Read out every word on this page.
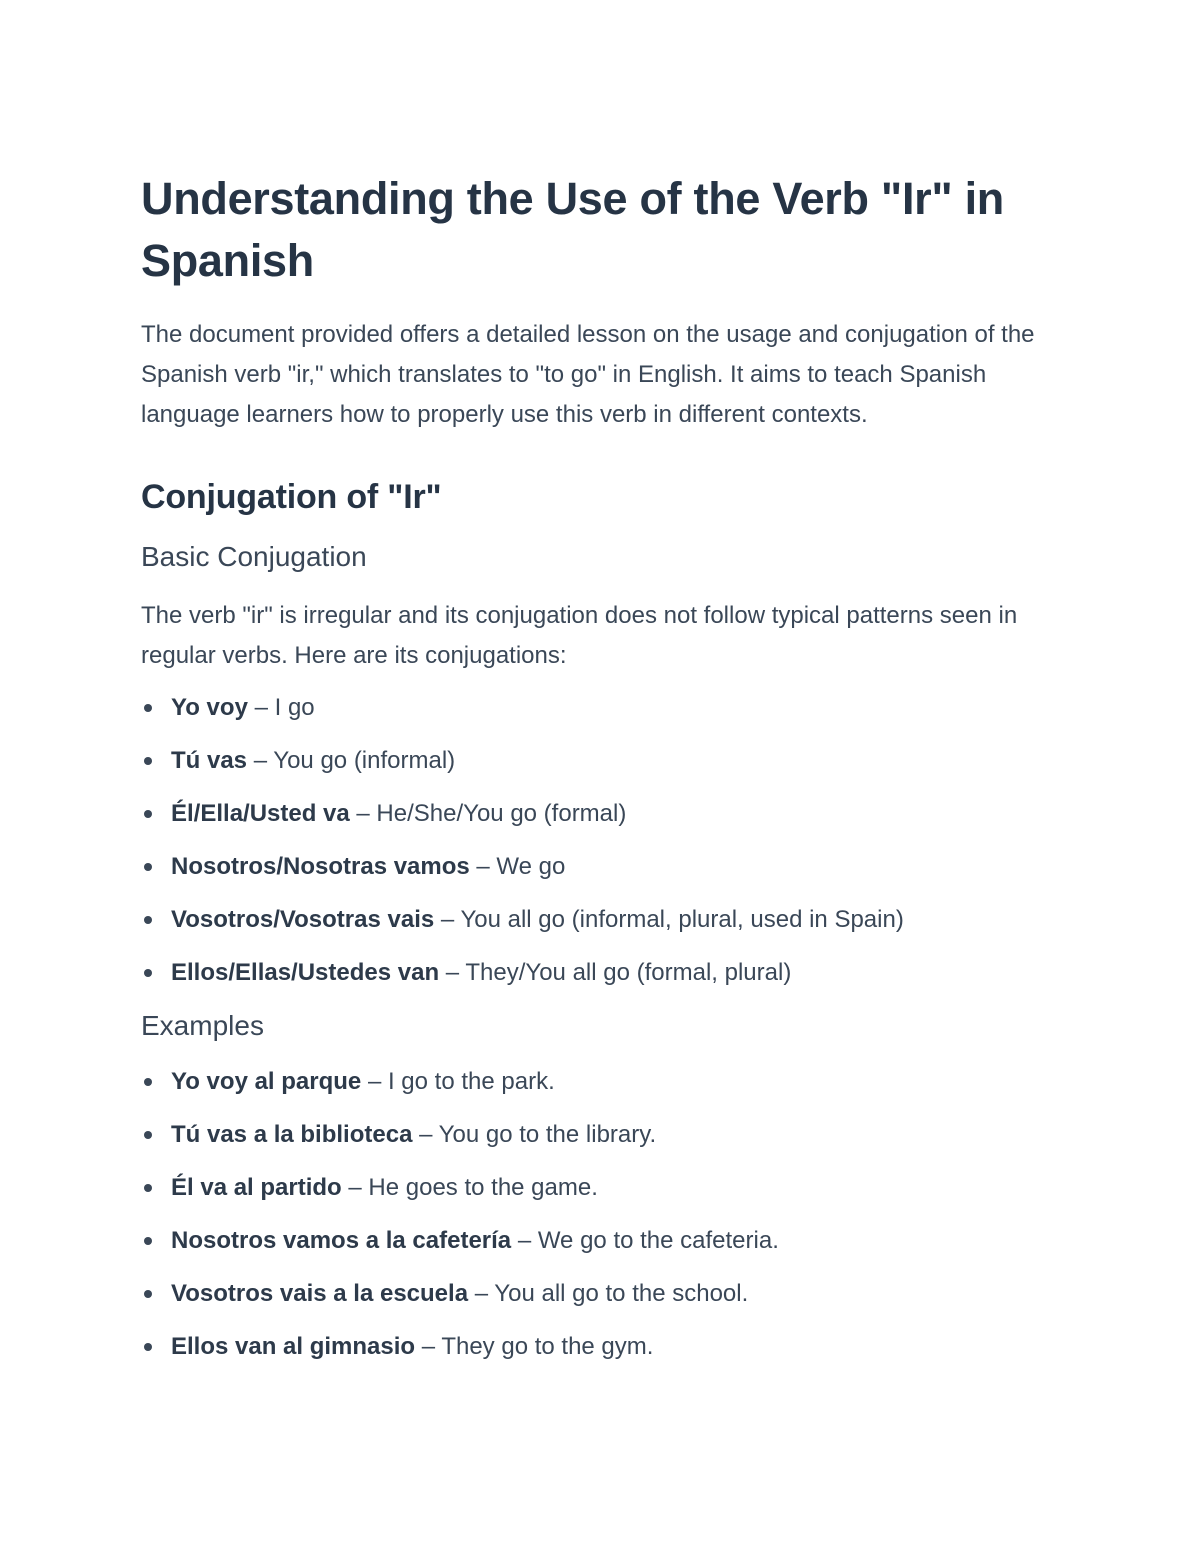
Understanding the Use of the Verb "Ir" in Spanish

The document provided offers a detailed lesson on the usage and conjugation of the Spanish verb "ir," which translates to "to go" in English. It aims to teach Spanish language learners how to properly use this verb in different contexts.

Conjugation of "Ir"
Basic Conjugation

The verb "ir" is irregular and its conjugation does not follow typical patterns seen in regular verbs. Here are its conjugations:

Yo voy – I go
Tú vas – You go (informal)
Él/Ella/Usted va – He/She/You go (formal)
Nosotros/Nosotras vamos – We go
Vosotros/Vosotras vais – You all go (informal, plural, used in Spain)
Ellos/Ellas/Ustedes van – They/You all go (formal, plural)
Examples
Yo voy al parque – I go to the park.
Tú vas a la biblioteca – You go to the library.
Él va al partido – He goes to the game.
Nosotros vamos a la cafetería – We go to the cafeteria.
Vosotros vais a la escuela – You all go to the school.
Ellos van al gimnasio – They go to the gym.
